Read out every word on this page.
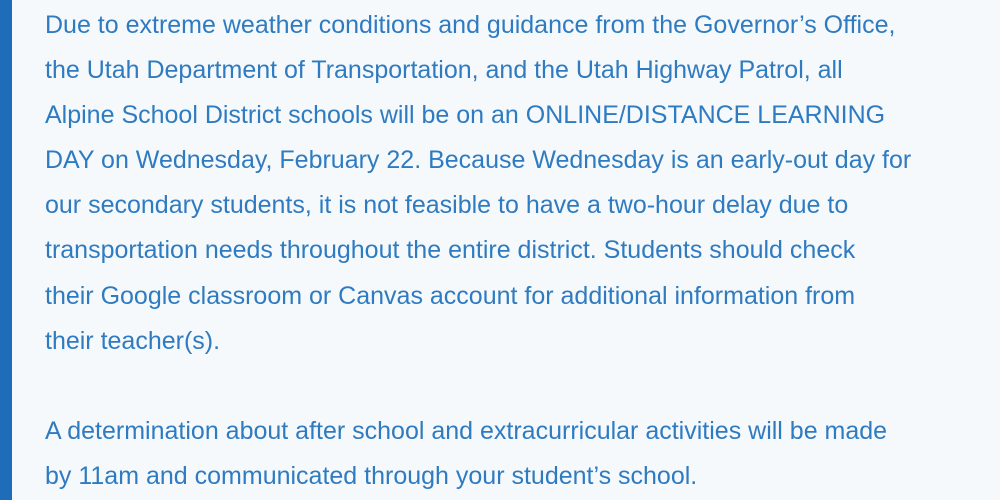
Due to extreme weather conditions and guidance from the Governor’s Office,
the Utah Department of Transportation, and the Utah Highway Patrol, all
Alpine School District schools will be on an ONLINE/DISTANCE LEARNING
DAY on Wednesday, February 22. Because Wednesday is an early-out day for
our secondary students, it is not feasible to have a two-hour delay due to
transportation needs throughout the entire district. Students should check
their Google classroom or Canvas account for additional information from
their teacher(s).
A determination about after school and extracurricular activities will be made
by 11am and communicated through your student’s school.
